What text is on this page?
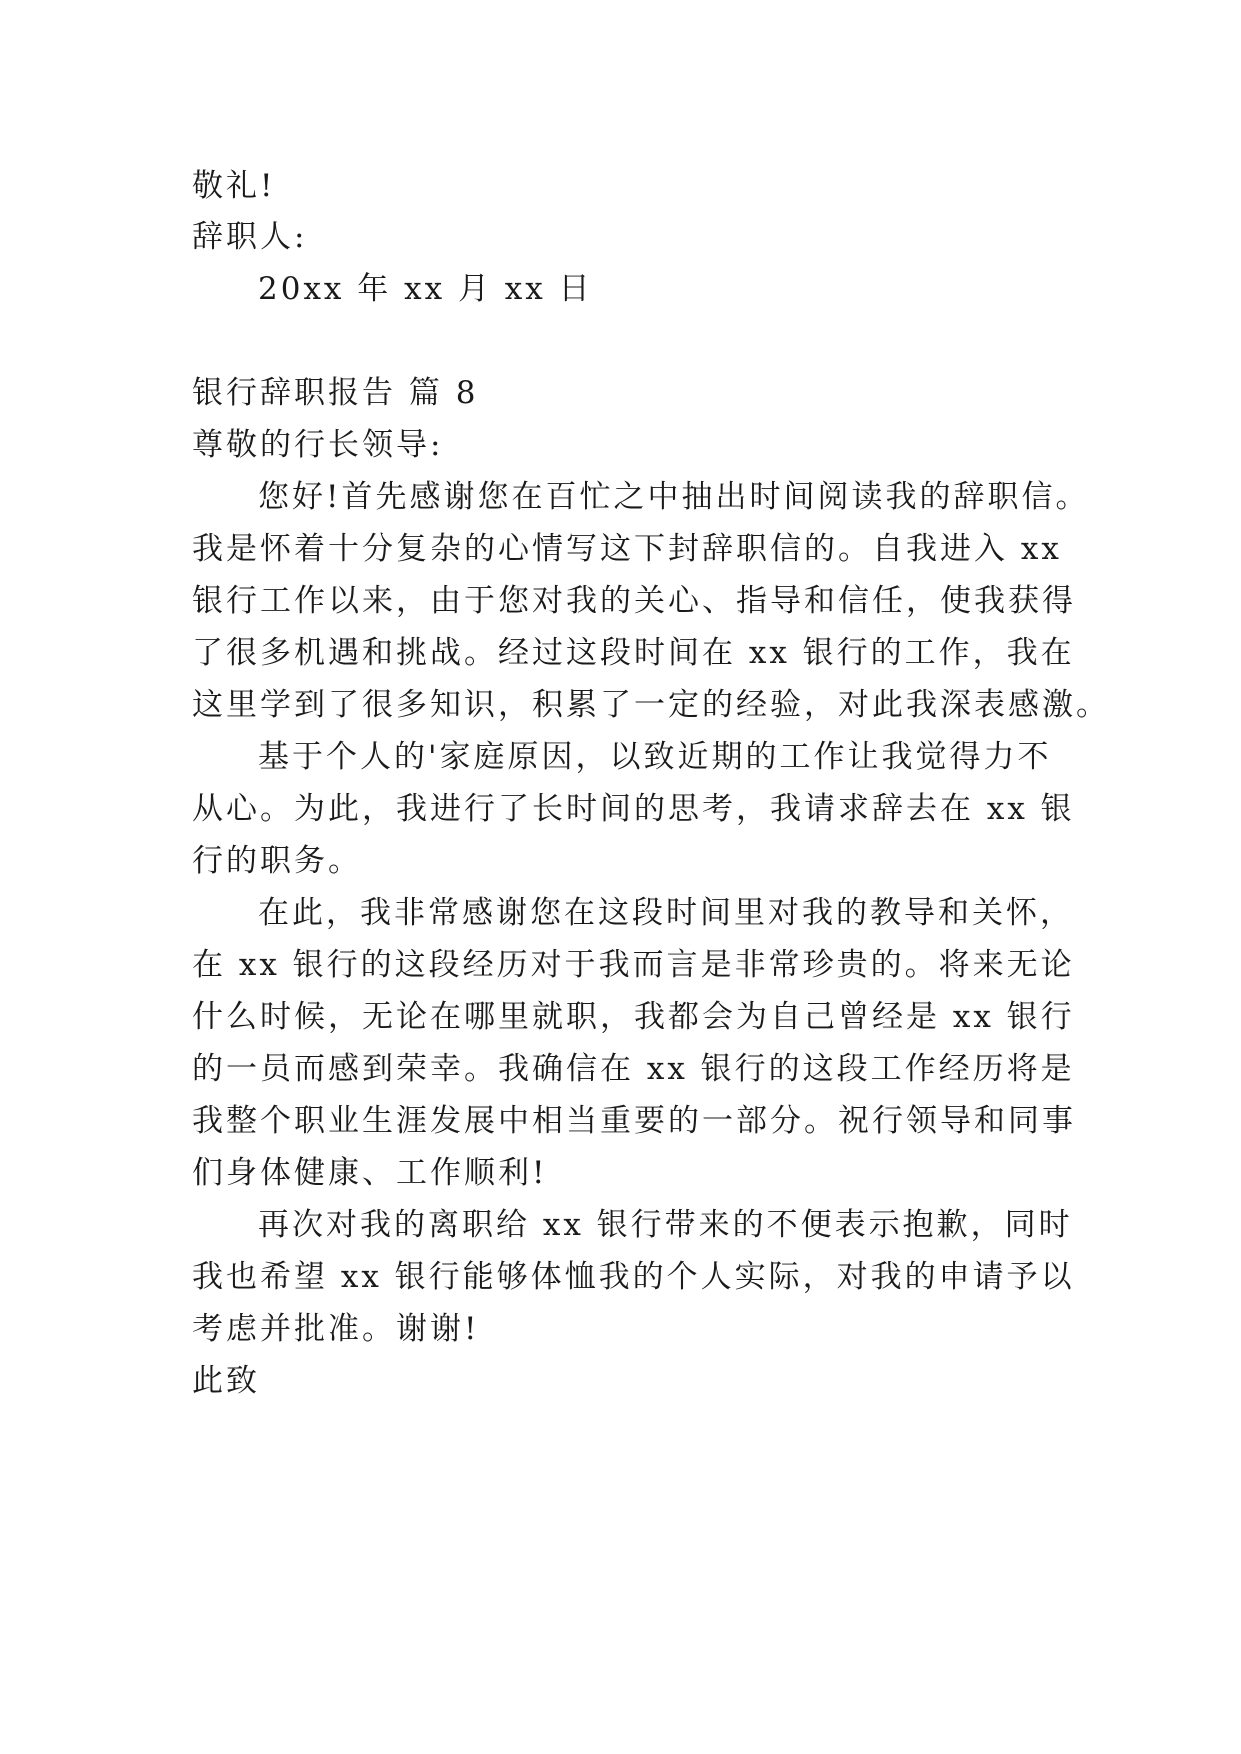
敬礼!

辞职人:

20xx 年 xx 月 xx 日

银行辞职报告 篇 8

尊敬的行长领导:

您好!首先感谢您在百忙之中抽出时间阅读我的辞职信。

我是怀着十分复杂的心情写这下封辞职信的。自我进入 xx

银行工作以来，由于您对我的关心、指导和信任，使我获得

了很多机遇和挑战。经过这段时间在 xx 银行的工作，我在

这里学到了很多知识，积累了一定的经验，对此我深表感激。

基于个人的'家庭原因，以致近期的工作让我觉得力不

从心。为此，我进行了长时间的思考，我请求辞去在 xx 银

行的职务。

在此，我非常感谢您在这段时间里对我的教导和关怀，

在 xx 银行的这段经历对于我而言是非常珍贵的。将来无论

什么时候，无论在哪里就职，我都会为自己曾经是 xx 银行

的一员而感到荣幸。我确信在 xx 银行的这段工作经历将是

我整个职业生涯发展中相当重要的一部分。祝行领导和同事

们身体健康、工作顺利!

再次对我的离职给 xx 银行带来的不便表示抱歉，同时

我也希望 xx 银行能够体恤我的个人实际，对我的申请予以

考虑并批准。谢谢!

此致
